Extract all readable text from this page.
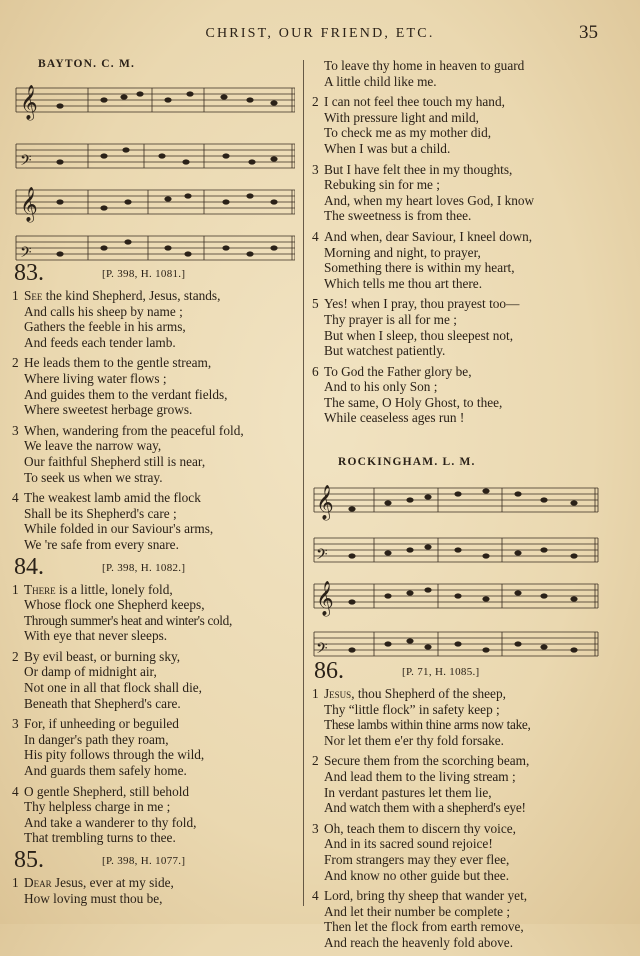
CHRIST, OUR FRIEND, ETC.	35
BAYTON. C. M.
𝄞
𝄢
𝄞
𝄢
83.	[P. 398, H. 1081.]
1 See the kind Shepherd, Jesus, stands,
And calls his sheep by name ;
Gathers the feeble in his arms,
And feeds each tender lamb.
2 He leads them to the gentle stream,
Where living water flows ;
And guides them to the verdant fields,
Where sweetest herbage grows.
3 When, wandering from the peaceful fold,
We leave the narrow way,
Our faithful Shepherd still is near,
To seek us when we stray.
4 The weakest lamb amid the flock
Shall be its Shepherd's care ;
While folded in our Saviour's arms,
We 're safe from every snare.
84.	[P. 398, H. 1082.]
1 There is a little, lonely fold,
Whose flock one Shepherd keeps,
Through summer's heat and winter's cold,
With eye that never sleeps.
2 By evil beast, or burning sky,
Or damp of midnight air,
Not one in all that flock shall die,
Beneath that Shepherd's care.
3 For, if unheeding or beguiled
In danger's path they roam,
His pity follows through the wild,
And guards them safely home.
4 O gentle Shepherd, still behold
Thy helpless charge in me ;
And take a wanderer to thy fold,
That trembling turns to thee.
85.	[P. 398, H. 1077.]
1 Dear Jesus, ever at my side,
How loving must thou be,
To leave thy home in heaven to guard
A little child like me.
2 I can not feel thee touch my hand,
With pressure light and mild,
To check me as my mother did,
When I was but a child.
3 But I have felt thee in my thoughts,
Rebuking sin for me ;
And, when my heart loves God, I know
The sweetness is from thee.
4 And when, dear Saviour, I kneel down,
Morning and night, to prayer,
Something there is within my heart,
Which tells me thou art there.
5 Yes! when I pray, thou prayest too—
Thy prayer is all for me ;
But when I sleep, thou sleepest not,
But watchest patiently.
6 To God the Father glory be,
And to his only Son ;
The same, O Holy Ghost, to thee,
While ceaseless ages run !
ROCKINGHAM. L. M.
𝄞
𝄢
𝄞
𝄢
86.	[P. 71, H. 1085.]
1 Jesus, thou Shepherd of the sheep,
Thy “little flock” in safety keep ;
These lambs within thine arms now take,
Nor let them e'er thy fold forsake.
2 Secure them from the scorching beam,
And lead them to the living stream ;
In verdant pastures let them lie,
And watch them with a shepherd's eye!
3 Oh, teach them to discern thy voice,
And in its sacred sound rejoice!
From strangers may they ever flee,
And know no other guide but thee.
4 Lord, bring thy sheep that wander yet,
And let their number be complete ;
Then let the flock from earth remove,
And reach the heavenly fold above.
